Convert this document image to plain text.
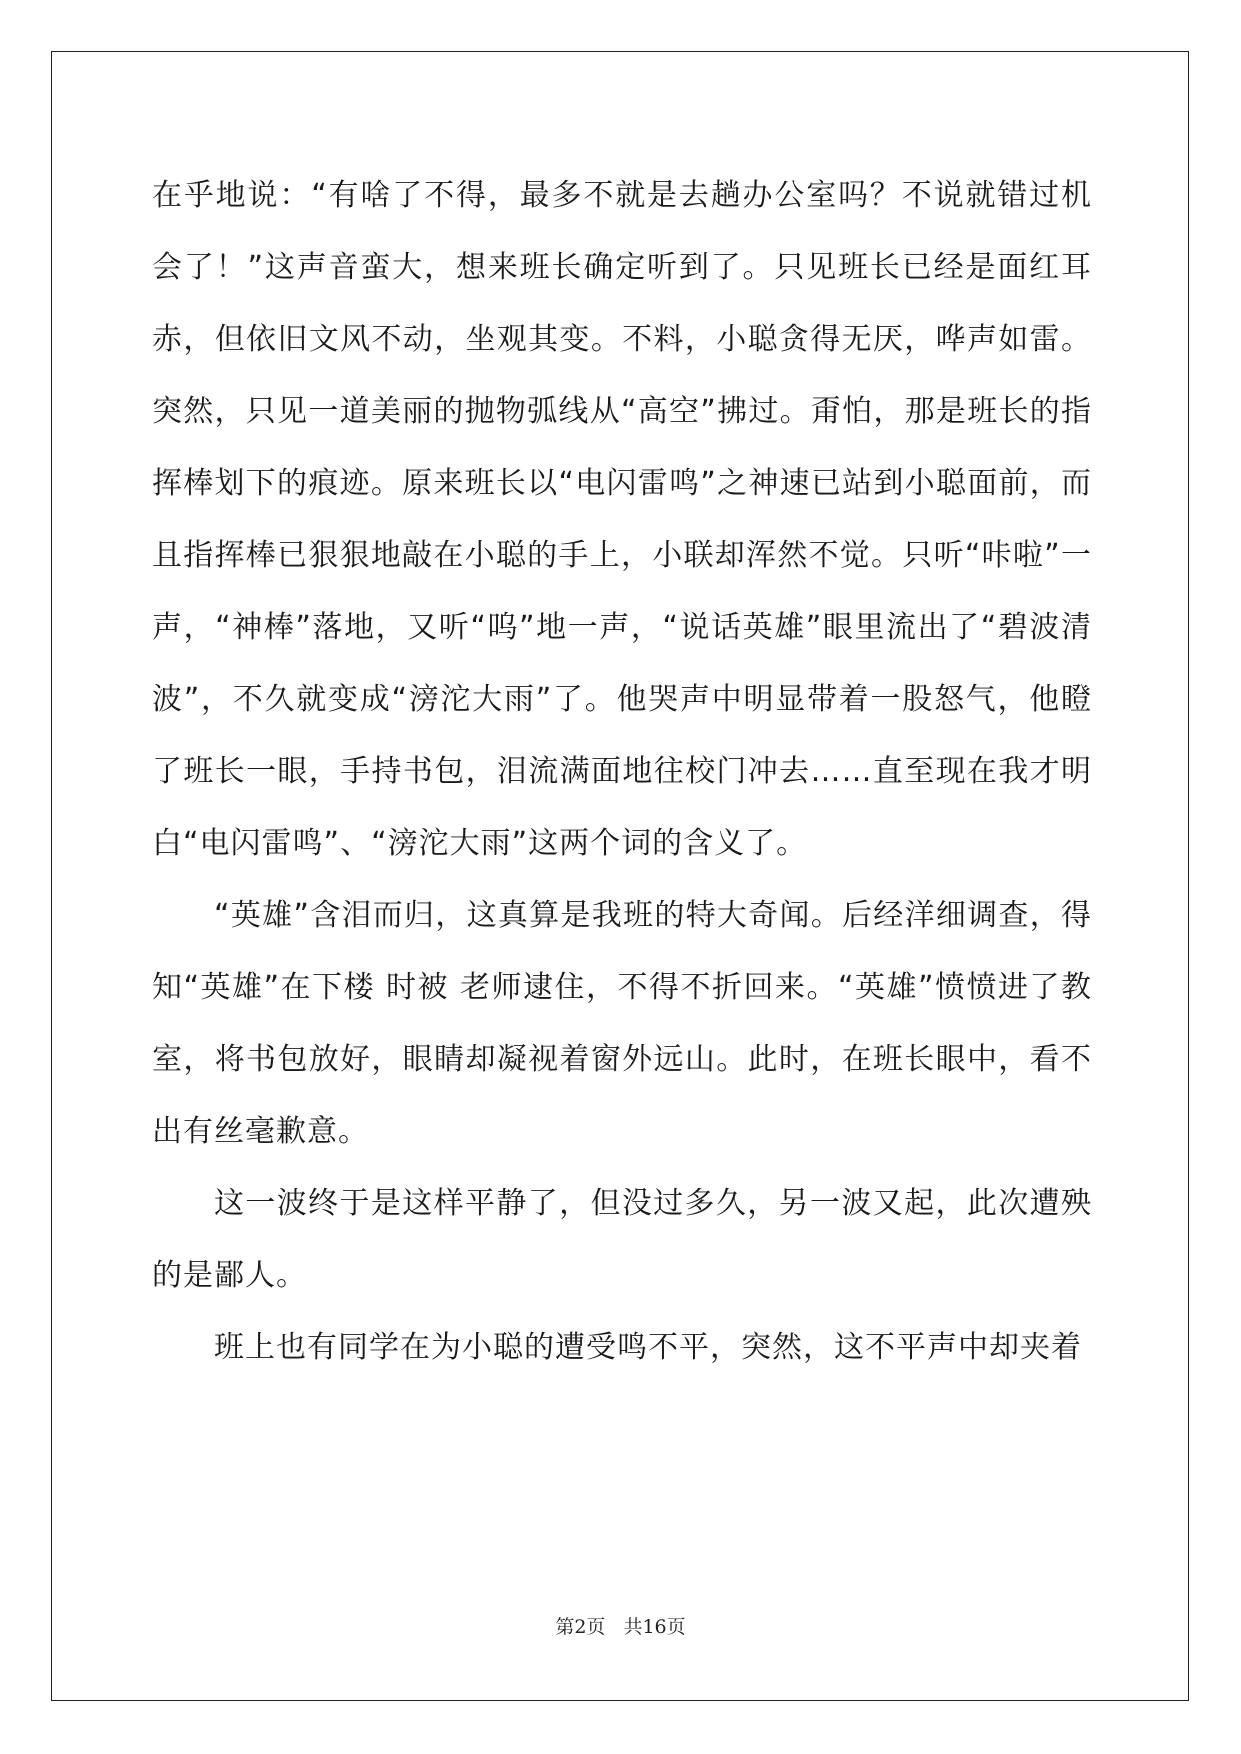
在乎地说：“有啥了不得，最多不就是去趟办公室吗？不说就错过机会了！”这声音蛮大，想来班长确定听到了。只见班长已经是面红耳赤，但依旧文风不动，坐观其变。不料，小聪贪得无厌，哗声如雷。突然，只见一道美丽的抛物弧线从“高空”拂过。甭怕，那是班长的指挥棒划下的痕迹。原来班长以“电闪雷鸣”之神速已站到小聪面前，而且指挥棒已狠狠地敲在小聪的手上，小联却浑然不觉。只听“咔啦”一声，“神棒”落地，又听“呜”地一声，“说话英雄”眼里流出了“碧波清波”，不久就变成“滂沱大雨”了。他哭声中明显带着一股怒气，他瞪了班长一眼，手持书包，泪流满面地往校门冲去……直至现在我才明白“电闪雷鸣”、“滂沱大雨”这两个词的含义了。

“英雄”含泪而归，这真算是我班的特大奇闻。后经洋细调查，得知“英雄”在下楼 时被 老师逮住，不得不折回来。“英雄”愤愤进了教室，将书包放好，眼睛却凝视着窗外远山。此时，在班长眼中，看不出有丝毫歉意。

这一波终于是这样平静了，但没过多久，另一波又起，此次遭殃的是鄙人。

班上也有同学在为小聪的遭受鸣不平，突然，这不平声中却夹着

第2页 共16页
